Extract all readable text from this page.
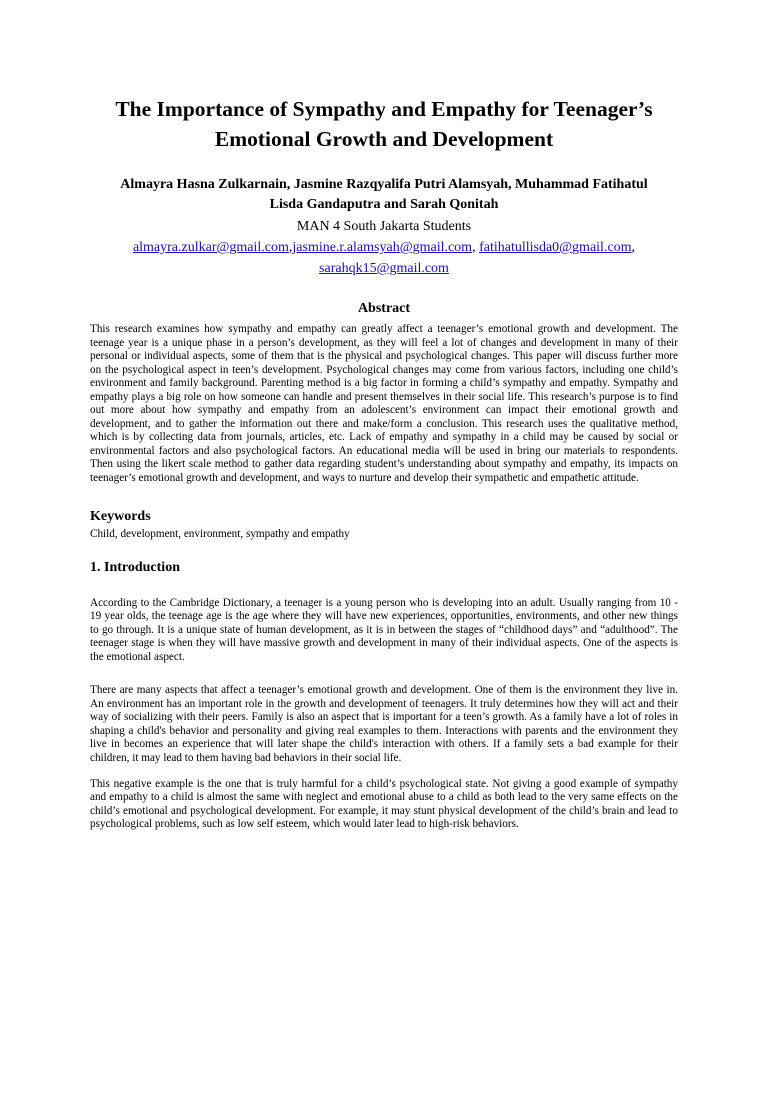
The Importance of Sympathy and Empathy for Teenager’s
Emotional Growth and Development
Almayra Hasna Zulkarnain, Jasmine Razqyalifa Putri Alamsyah, Muhammad Fatihatul
Lisda Gandaputra and Sarah Qonitah
MAN 4 South Jakarta Students
almayra.zulkar@gmail.com,jasmine.r.alamsyah@gmail.com, fatihatullisda0@gmail.com,
sarahqk15@gmail.com
Abstract
This research examines how sympathy and empathy can greatly affect a teenager’s emotional growth and development. The teenage year is a unique phase in a person’s development, as they will feel a lot of changes and development in many of their personal or individual aspects, some of them that is the physical and psychological changes. This paper will discuss further more on the psychological aspect in teen’s development. Psychological changes may come from various factors, including one child’s environment and family background. Parenting method is a big factor in forming a child’s sympathy and empathy. Sympathy and empathy plays a big role on how someone can handle and present themselves in their social life. This research’s purpose is to find out more about how sympathy and empathy from an adolescent’s environment can impact their emotional growth and development, and to gather the information out there and make/form a conclusion. This research uses the qualitative method, which is by collecting data from journals, articles, etc. Lack of empathy and sympathy in a child may be caused by social or environmental factors and also psychological factors. An educational media will be used in bring our materials to respondents. Then using the likert scale method to gather data regarding student’s understanding about sympathy and empathy, its impacts on teenager’s emotional growth and development, and ways to nurture and develop their sympathetic and empathetic attitude.
Keywords
Child, development, environment, sympathy and empathy
1. Introduction
According to the Cambridge Dictionary, a teenager is a young person who is developing into an adult. Usually ranging from 10 - 19 year olds, the teenage age is the age where they will have new experiences, opportunities, environments, and other new things to go through. It is a unique state of human development, as it is in between the stages of “childhood days” and “adulthood”. The teenager stage is when they will have massive growth and development in many of their individual aspects. One of the aspects is the emotional aspect.
There are many aspects that affect a teenager’s emotional growth and development. One of them is the environment they live in. An environment has an important role in the growth and development of teenagers. It truly determines how they will act and their way of socializing with their peers. Family is also an aspect that is important for a teen’s growth. As a family have a lot of roles in shaping a child's behavior and personality and giving real examples to them. Interactions with parents and the environment they live in becomes an experience that will later shape the child's interaction with others. If a family sets a bad example for their children, it may lead to them having bad behaviors in their social life.
This negative example is the one that is truly harmful for a child’s psychological state. Not giving a good example of sympathy and empathy to a child is almost the same with neglect and emotional abuse to a child as both lead to the very same effects on the child’s emotional and psychological development. For example, it may stunt physical development of the child’s brain and lead to psychological problems, such as low self esteem, which would later lead to high-risk behaviors.
